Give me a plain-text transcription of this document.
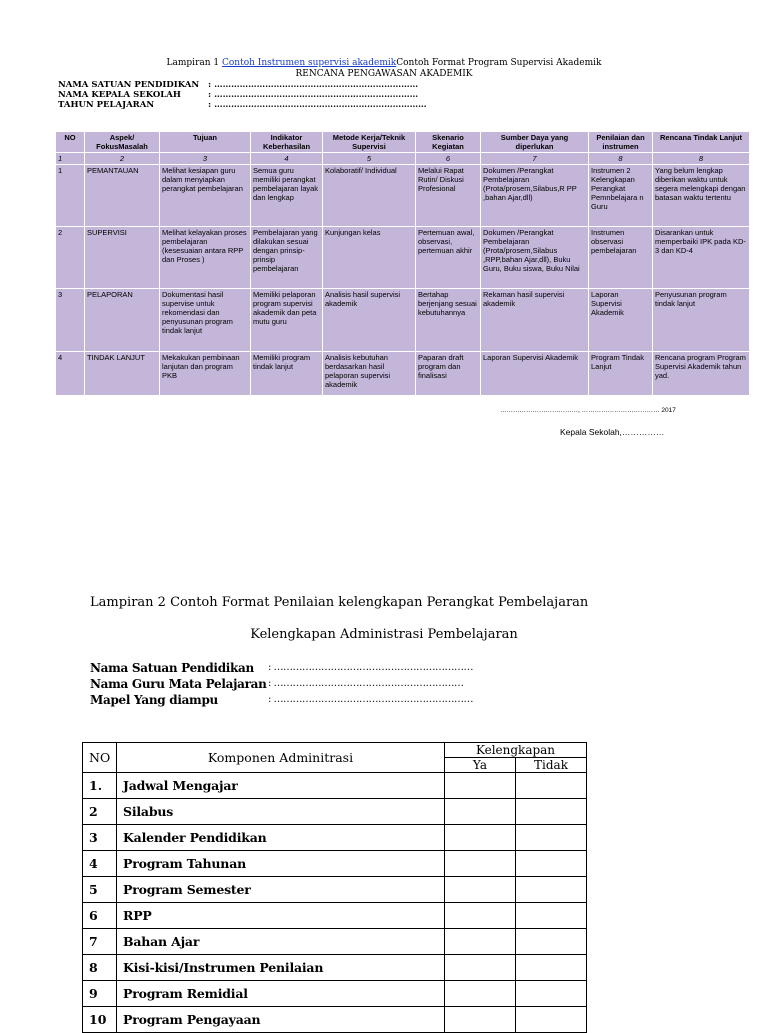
Lampiran 1 Contoh Instrumen supervisi akademikContoh Format Program Supervisi Akademik
RENCANA PENGAWASAN AKADEMIK
NAMA SATUAN PENDIDIKAN	: ………………………………………………………………
NAMA KEPALA SEKOLAH	: ………………………………………………………………
TAHUN PELAJARAN	: …………………………………………………………………
NO	Aspek/ FokusMasalah	Tujuan	Indikator Keberhasilan	Metode Kerja/Teknik Supervisi	Skenario Kegiatan	Sumber Daya yang diperlukan	Penilaian dan instrumen	Rencana Tindak Lanjut
1	2	3	4	5	6	7	8	8
1	PEMANTAUAN	Melihat kesiapan guru dalam menyiapkan perangkat pembelajaran	Semua guru memiliki perangkat pembelajaran layak dan lengkap	Kolaboratif/ Individual	Melalui Rapat Rutin/ Diskusi Profesional	Dokumen /Perangkat Pembelajaran (Prota/prosem,Silabus,R PP ,bahan Ajar,dll)	Instrumen 2 Kelengkapan Perangkat Pemnbelajara n Guru	Yang belum lengkap diberikan waktu untuk segera melengkapi dengan batasan waktu tertentu
2	SUPERVISI	Melihat kelayakan proses pembelajaran (kesesuaian antara RPP dan Proses )	Pembelajaran yang dilakukan sesuai dengan prinsip-prinsip pembelajaran	Kunjungan kelas	Pertemuan awal, observasi, pertemuan akhir	Dokumen /Perangkat Pembelajaran (Prota/prosem,Silabus ,RPP,bahan Ajar,dll), Buku Guru, Buku siswa, Buku Nilai	Instrumen observasi pembelajaran	Disarankan untuk memperbaiki IPK pada KD-3 dan KD-4
3	PELAPORAN	Dokumentasi hasil supervise untuk rekomendasi dan penyusunan program tindak lanjut	Memiliki pelaporan program supervisi akademik dan peta mutu guru	Analisis hasil supervisi akademik	Bertahap berjenjang sesuai kebutuhannya	Rekaman hasil supervisi akademik	Laporan Supervisi Akademik	Penyusunan program tindak lanjut
4	TINDAK LANJUT	Mekakukan pembinaan lanjutan dan program PKB	Memiliki program tindak lanjut	Analisis kebutuhan berdasarkan hasil pelaporan supervisi akademik	Paparan draft program dan finalisasi	Laporan Supervisi Akademik	Program Tindak Lanjut	Rencana program Program Supervisi Akademik tahun yad.
………………………………, ……………………………… 2017
Kepala Sekolah,……………
Lampiran 2 Contoh Format Penilaian kelengkapan Perangkat Pembelajaran
Kelengkapan Administrasi Pembelajaran
Nama Satuan Pendidikan	: ………………………………………………………
Nama Guru Mata Pelajaran : ……………………………………………………
Mapel Yang diampu	: ………………………………………………………
NO	Komponen Adminitrasi	Kelengkapan	
		Ya	Tidak
1.	Jadwal Mengajar		
2	Silabus		
3	Kalender Pendidikan		
4	Program Tahunan		
5	Program Semester		
6	RPP		
7	Bahan Ajar		
8	Kisi-kisi/Instrumen Penilaian		
9	Program Remidial		
10	Program Pengayaan		
